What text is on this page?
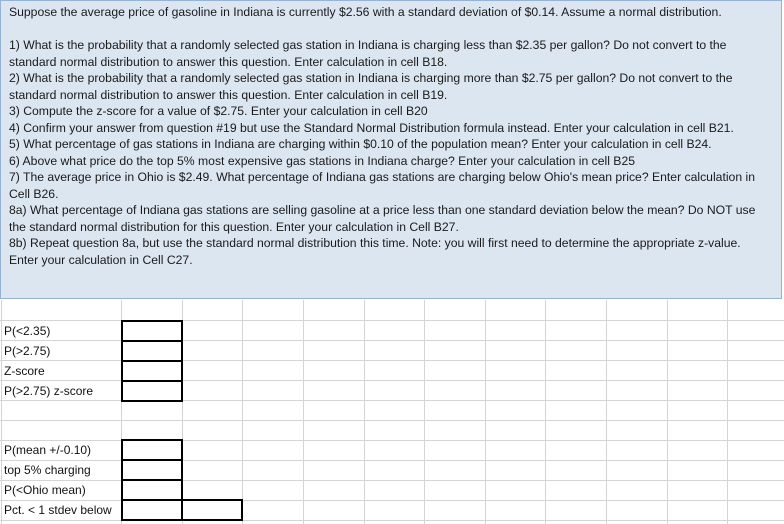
Suppose the average price of gasoline in Indiana is currently $2.56 with a standard deviation of $0.14. Assume a normal distribution.

1) What is the probability that a randomly selected gas station in Indiana is charging less than $2.35 per gallon? Do not convert to the standard normal distribution to answer this question. Enter calculation in cell B18.

2) What is the probability that a randomly selected gas station in Indiana is charging more than $2.75 per gallon? Do not convert to the standard normal distribution to answer this question. Enter calculation in cell B19.

3) Compute the z-score for a value of $2.75. Enter your calculation in cell B20

4) Confirm your answer from question #19 but use the Standard Normal Distribution formula instead. Enter your calculation in cell B21.

5) What percentage of gas stations in Indiana are charging within $0.10 of the population mean? Enter your calculation in cell B24.

6) Above what price do the top 5% most expensive gas stations in Indiana charge? Enter your calculation in cell B25

7) The average price in Ohio is $2.49. What percentage of Indiana gas stations are charging below Ohio's mean price? Enter calculation in Cell B26.

8a) What percentage of Indiana gas stations are selling gasoline at a price less than one standard deviation below the mean? Do NOT use the standard normal distribution for this question. Enter your calculation in Cell B27.

8b) Repeat question 8a, but use the standard normal distribution this time. Note: you will first need to determine the appropriate z-value. Enter your calculation in Cell C27.

P(<2.35)
P(>2.75)
Z-score
P(>2.75) z-score
P(mean +/-0.10)
top 5% charging
P(<Ohio mean)
Pct. < 1 stdev below
